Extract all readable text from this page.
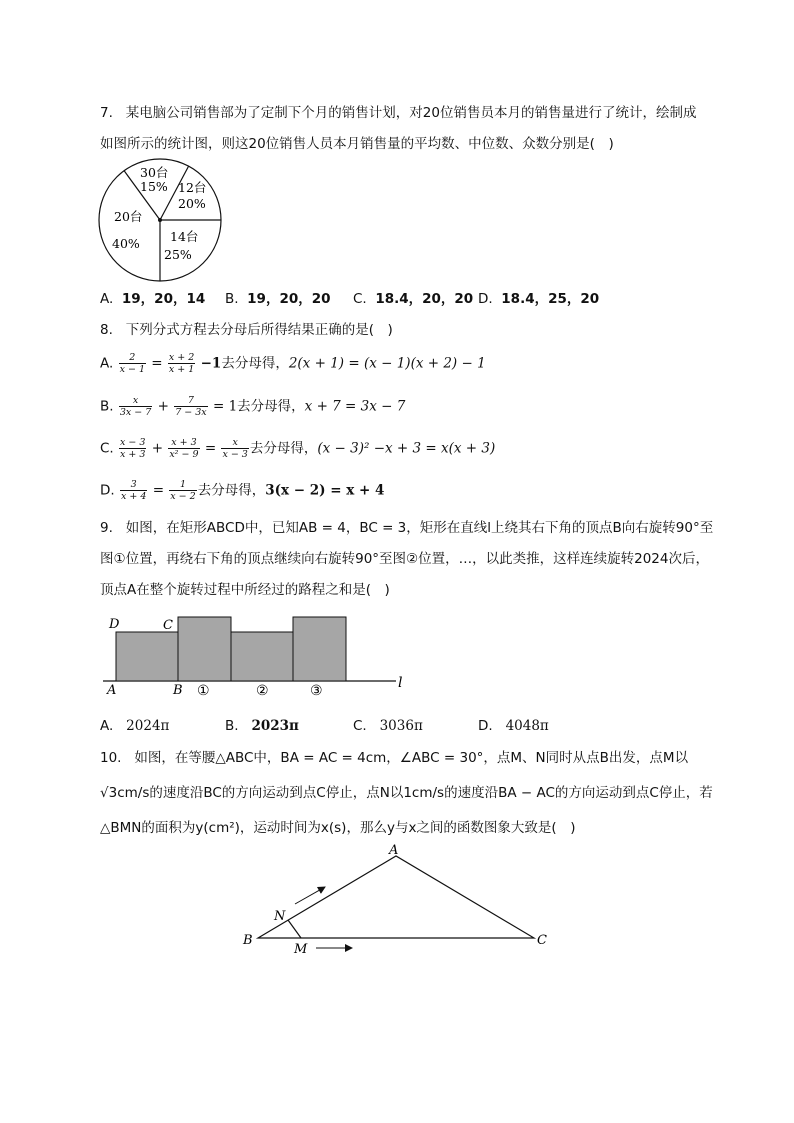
7. 某电脑公司销售部为了定制下个月的销售计划，对20位销售员本月的销售量进行了统计，绘制成
如图所示的统计图，则这20位销售人员本月销售量的平均数、中位数、众数分别是( )
30台
15% 12台
20%
14台
25%
20台
40%
A. 19，20，14 B. 19，20，20 C. 18.4，20，20 D. 18.4，25，20
8. 下列分式方程去分母后所得结果正确的是( )
A. $\frac{2}{x - 1} = \frac{x + 2}{x + 1} -1$去分母得，2(x + 1) = (x − 1)(x + 2) − 1
B. $\frac{x}{3x - 7} + \frac{7}{7 - 3x} = 1$去分母得，x + 7 = 3x − 7
C. $\frac{x - 3}{x + 3} + \frac{x + 3}{\text{x² − 9}} = \frac{x}{x - 3}$ 去分母得，(x − 3)² −x + 3 = x(x + 3)
D. $\frac{3}{x + 4} = \frac{1}{x - 2}$ 去分母得，3(x − 2) = x + 4
9. 如图，在矩形ABCD中，已知AB = 4，BC = 3，矩形在直线l上绕其右下角的顶点B向右旋转90°至
图①位置，再绕右下角的顶点继续向右旋转90°至图②位置，…，以此类推，这样连续旋转2024次后，
顶点A在整个旋转过程中所经过的路程之和是( )
D	C
A	B ①	②	③	l
A. 2024π	B. 2023π	C. 3036π	D. 4048π
10. 如图，在等腰△ABC中，BA = AC = 4cm，∠ABC = 30°，点M、N同时从点B出发，点M以
√3cm/s的速度沿BC的方向运动到点C停止，点N以1cm/s的速度沿BA − AC的方向运动到点C停止，若
△BMN的面积为y(cm²)，运动时间为x(s)，那么y与x之间的函数图象大致是( )
A
B	C
N
M
